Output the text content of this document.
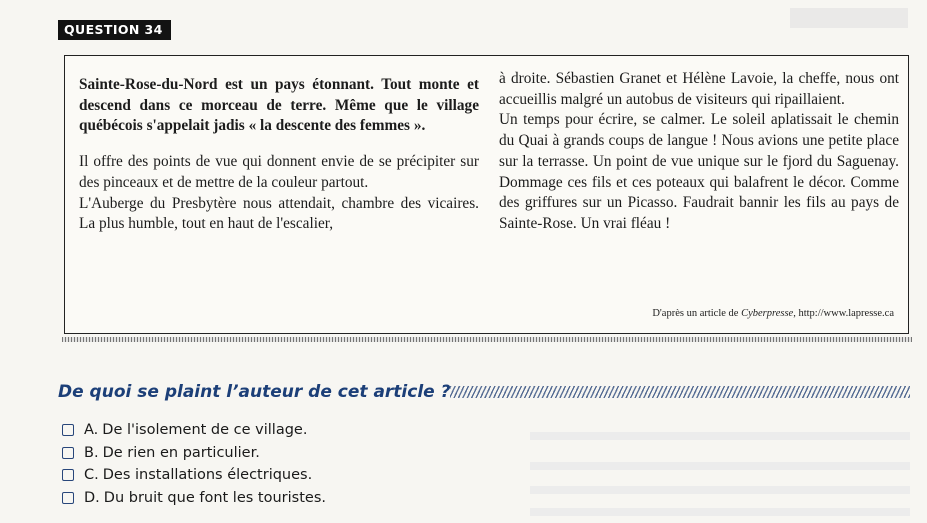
QUESTION 34

Sainte-Rose-du-Nord est un pays étonnant. Tout monte et descend dans ce morceau de terre. Même que le village québécois s'appelait jadis « la descente des femmes ».

Il offre des points de vue qui donnent envie de se précipiter sur des pinceaux et de mettre de la couleur partout.

L'Auberge du Presbytère nous attendait, chambre des vicaires. La plus humble, tout en haut de l'escalier,

à droite. Sébastien Granet et Hélène Lavoie, la cheffe, nous ont accueillis malgré un autobus de visiteurs qui ripaillaient.

Un temps pour écrire, se calmer. Le soleil aplatissait le chemin du Quai à grands coups de langue ! Nous avions une petite place sur la terrasse. Un point de vue unique sur le fjord du Saguenay. Dommage ces fils et ces poteaux qui balafrent le décor. Comme des griffures sur un Picasso. Faudrait bannir les fils au pays de Sainte-Rose. Un vrai fléau !

D'après un article de Cyberpresse, http://www.lapresse.ca
De quoi se plaint l’auteur de cet article ?
A. De l'isolement de ce village.
B. De rien en particulier.
C. Des installations électriques.
D. Du bruit que font les touristes.
